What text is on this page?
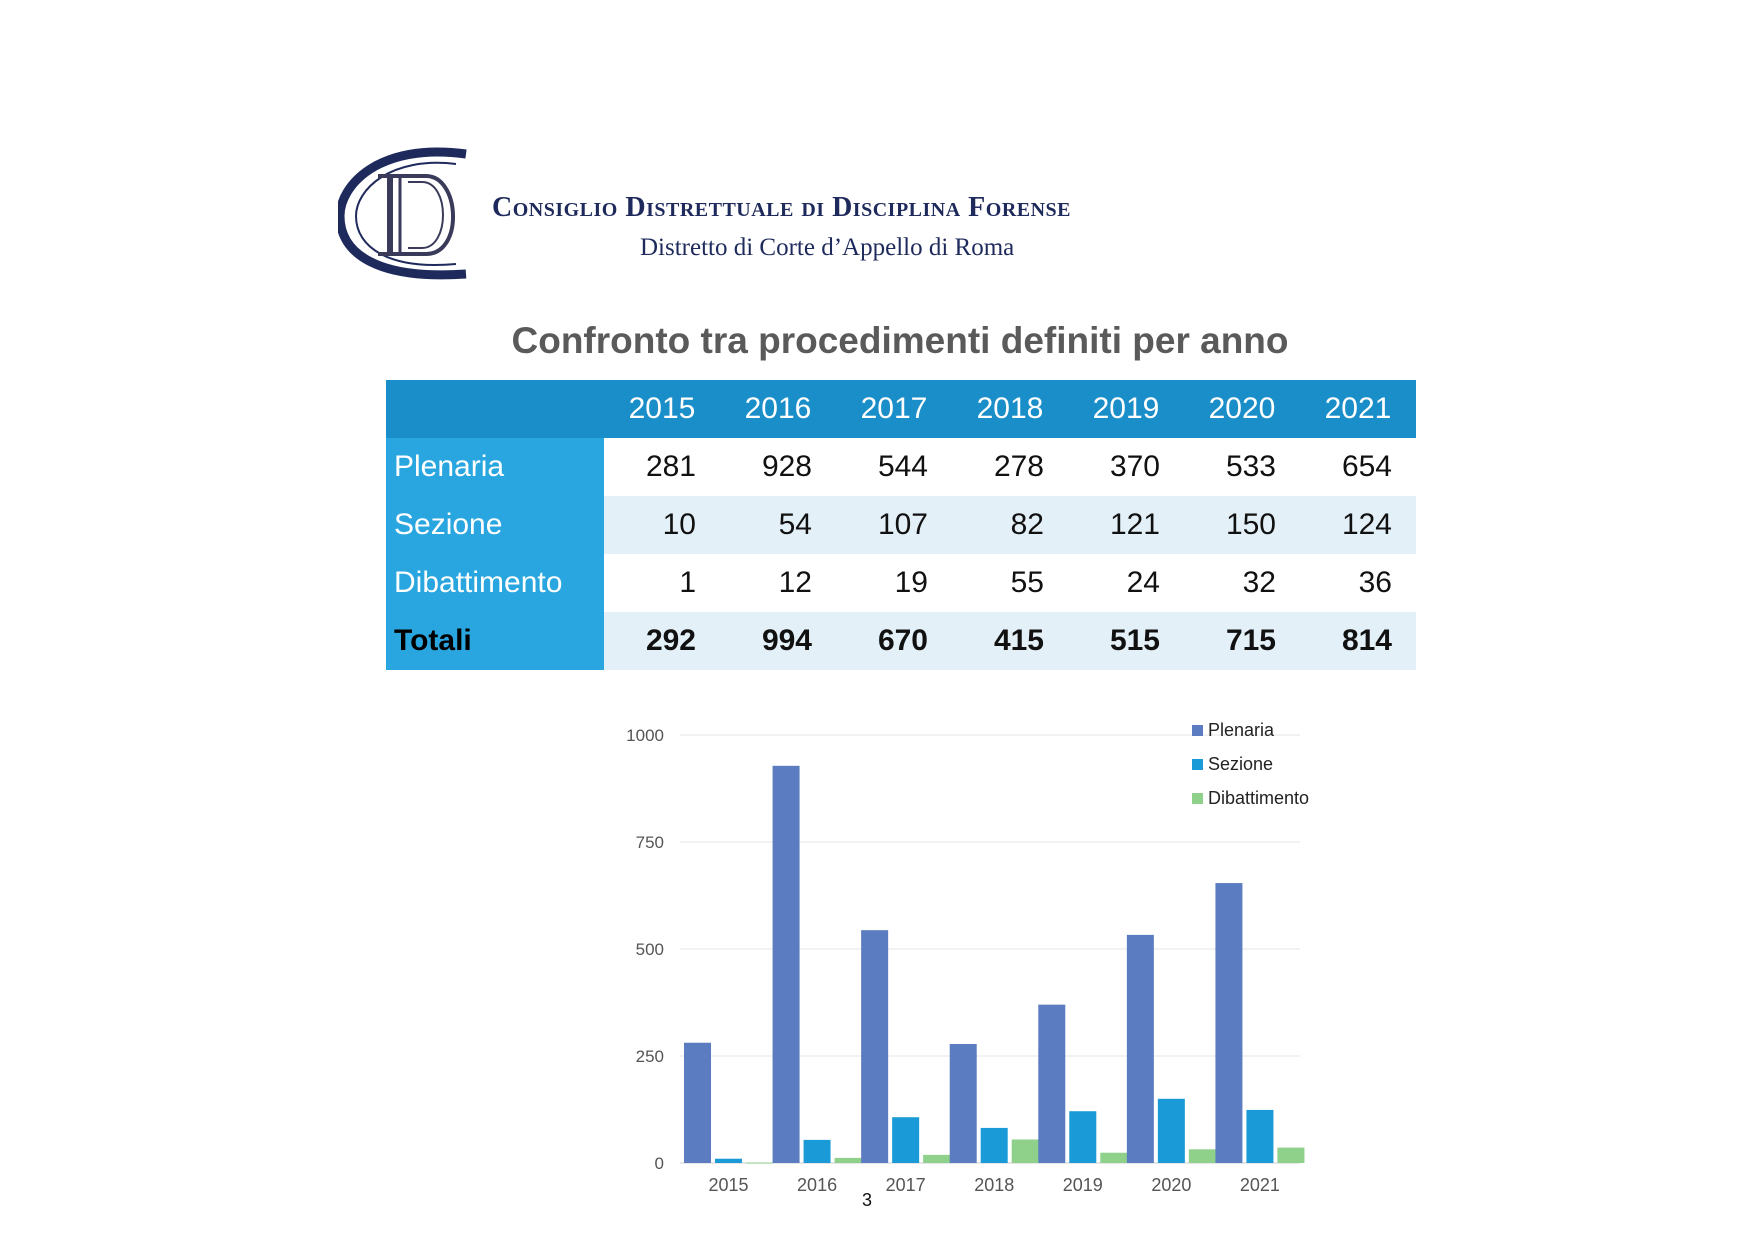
Consiglio Distrettuale di Disciplina Forense
Distretto di Corte d’Appello di Roma
Confronto tra procedimenti definiti per anno
	2015	2016	2017	2018	2019	2020	2021
Plenaria	281	928	544	278	370	533	654
Sezione	10	54	107	82	121	150	124
Dibattimento	1	12	19	55	24	32	36
Totali	292	994	670	415	515	715	814
0
250
500
750
1000
2015	2016	2017	2018	2019	2020	2021
Plenaria
Sezione
Dibattimento
3
